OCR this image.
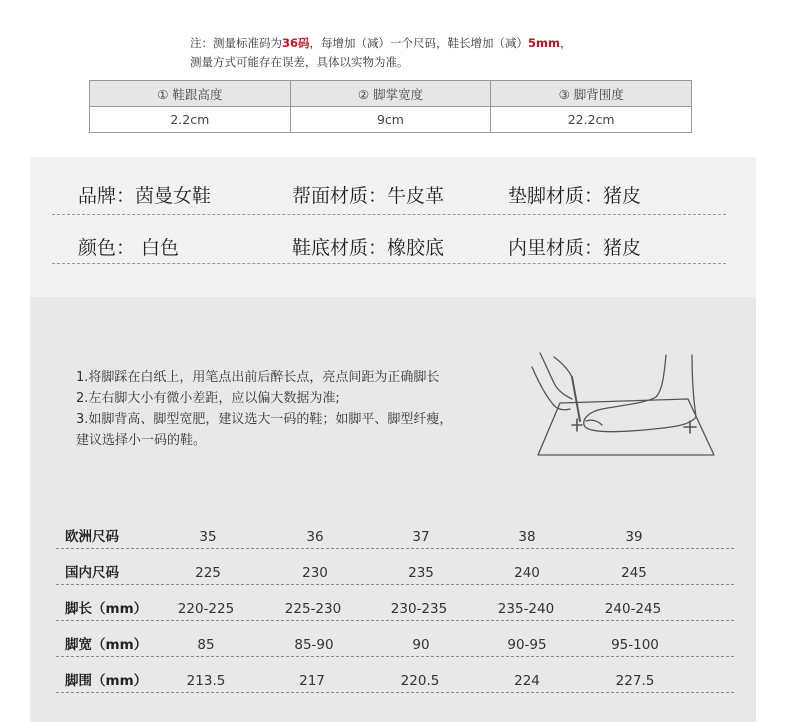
注：测量标准码为36码，每增加（减）一个尺码，鞋长增加（减）5mm，
测量方式可能存在误差，具体以实物为准。
① 鞋跟高度	② 脚掌宽度	③ 脚背围度
2.2cm	9cm	22.2cm
品牌：茵曼女鞋	帮面材质：牛皮革	垫脚材质：猪皮
颜色： 白色	鞋底材质：橡胶底	内里材质：猪皮
1.将脚踩在白纸上，用笔点出前后醉长点，亮点间距为正确脚长
2.左右脚大小有微小差距，应以偏大数据为准;
3.如脚背高、脚型宽肥，建议选大一码的鞋；如脚平、脚型纤瘦，
建议选择小一码的鞋。
欧洲尺码	35	36	37	38	39
国内尺码	225	230	235	240	245
脚长（mm）	220-225	225-230	230-235	235-240	240-245
脚宽（mm）	85	85-90	90	90-95	95-100
脚围（mm）	213.5	217	220.5	224	227.5
